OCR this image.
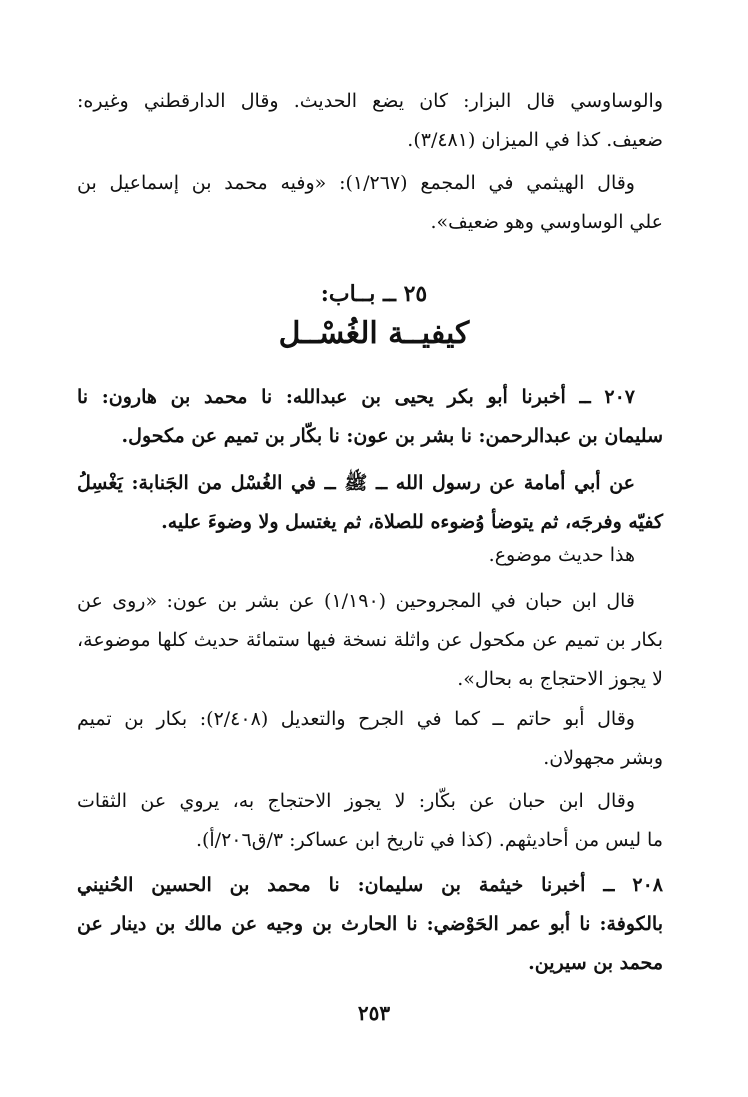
والوساوسي قال البزار: كان يضع الحديث. وقال الدارقطني وغيره:
ضعيف. كذا في الميزان (٣/٤٨١).
وقال الهيثمي في المجمع (١/٢٦٧): «وفيه محمد بن إسماعيل بن
علي الوساوسي وهو ضعيف».
٢٥ ــ بــاب:
كيفيــة الغُسْــل
٢٠٧ ــ أخبرنا أبو بكر يحيى بن عبدالله: نا محمد بن هارون: نا
سليمان بن عبدالرحمن: نا بشر بن عون: نا بكّار بن تميم عن مكحول.
عن أبي أمامة عن رسول الله ــ ﷺ ــ في الغُسْل من الجَنابة: يَغْسِلُ
كفيّه وفرجَه، ثم يتوضأ وُضوءه للصلاة، ثم يغتسل ولا وضوءَ عليه.
هذا حديث موضوع.
قال ابن حبان في المجروحين (١/١٩٠) عن بشر بن عون: «روى عن
بكار بن تميم عن مكحول عن واثلة نسخة فيها ستمائة حديث كلها موضوعة،
لا يجوز الاحتجاج به بحال».
وقال أبو حاتم ــ كما في الجرح والتعديل (٢/٤٠٨): بكار بن تميم
وبشر مجهولان.
وقال ابن حبان عن بكّار: لا يجوز الاحتجاج به، يروي عن الثقات
ما ليس من أحاديثهم. (كذا في تاريخ ابن عساكر: ٣/ق٢٠٦/أ).
٢٠٨ ــ أخبرنا خيثمة بن سليمان: نا محمد بن الحسين الحُنيني
بالكوفة: نا أبو عمر الحَوْضي: نا الحارث بن وجيه عن مالك بن دينار عن
محمد بن سيرين.
٢٥٣
